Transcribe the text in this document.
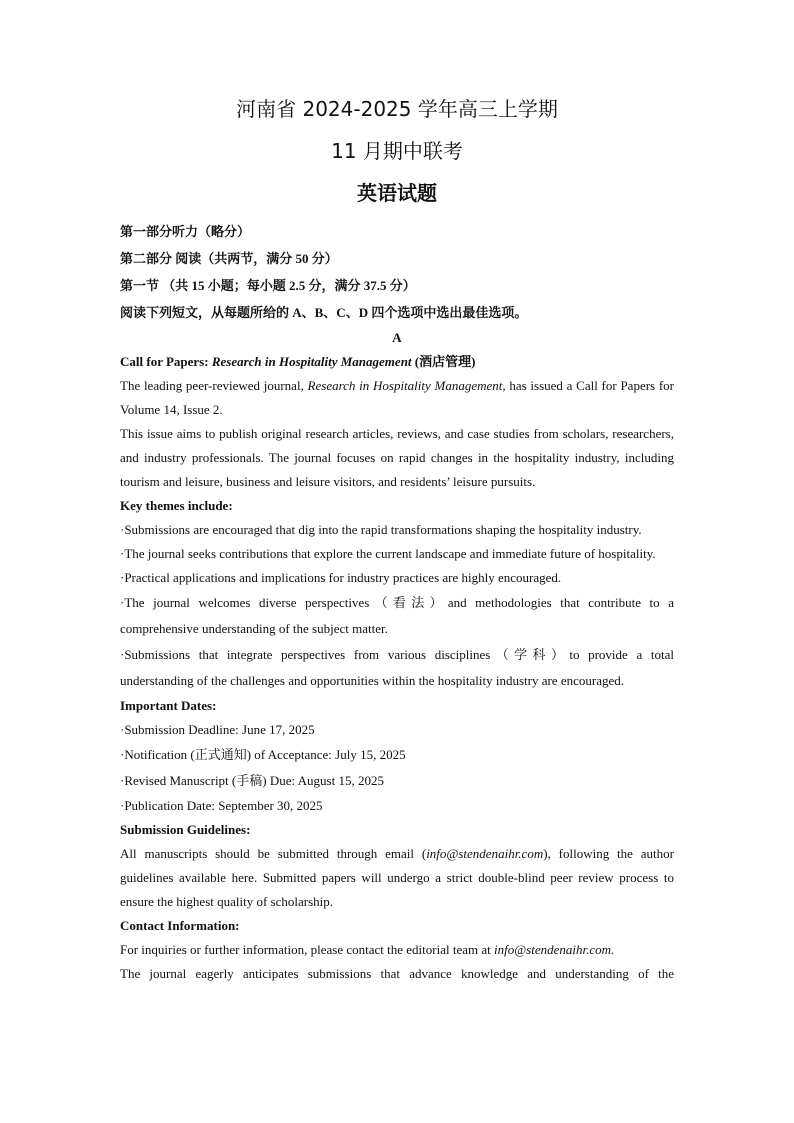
河南省 2024-2025 学年高三上学期
11 月期中联考
英语试题
第一部分听力（略分）
第二部分 阅读（共两节，满分 50 分）
第一节 （共 15 小题；每小题 2.5 分，满分 37.5 分）
阅读下列短文，从每题所给的 A、B、C、D 四个选项中选出最佳选项。
A
Call for Papers: Research in Hospitality Management (酒店管理)

The leading peer-reviewed journal, Research in Hospitality Management, has issued a Call for Papers for Volume 14, Issue 2.

This issue aims to publish original research articles, reviews, and case studies from scholars, researchers, and industry professionals. The journal focuses on rapid changes in the hospitality industry, including tourism and leisure, business and leisure visitors, and residents’ leisure pursuits.

Key themes include:

·Submissions are encouraged that dig into the rapid transformations shaping the hospitality industry.

·The journal seeks contributions that explore the current landscape and immediate future of hospitality.

·Practical applications and implications for industry practices are highly encouraged.

·The journal welcomes diverse perspectives（看法）and methodologies that contribute to a comprehensive understanding of the subject matter.

·Submissions that integrate perspectives from various disciplines（学科）to provide a total understanding of the challenges and opportunities within the hospitality industry are encouraged.

Important Dates:

·Submission Deadline: June 17, 2025

·Notification (正式通知) of Acceptance: July 15, 2025

·Revised Manuscript (手稿) Due: August 15, 2025

·Publication Date: September 30, 2025

Submission Guidelines:

All manuscripts should be submitted through email (info@stendenaihr.com), following the author guidelines available here. Submitted papers will undergo a strict double-blind peer review process to ensure the highest quality of scholarship.

Contact Information:

For inquiries or further information, please contact the editorial team at info@stendenaihr.com.

The journal eagerly anticipates submissions that advance knowledge and understanding of the
